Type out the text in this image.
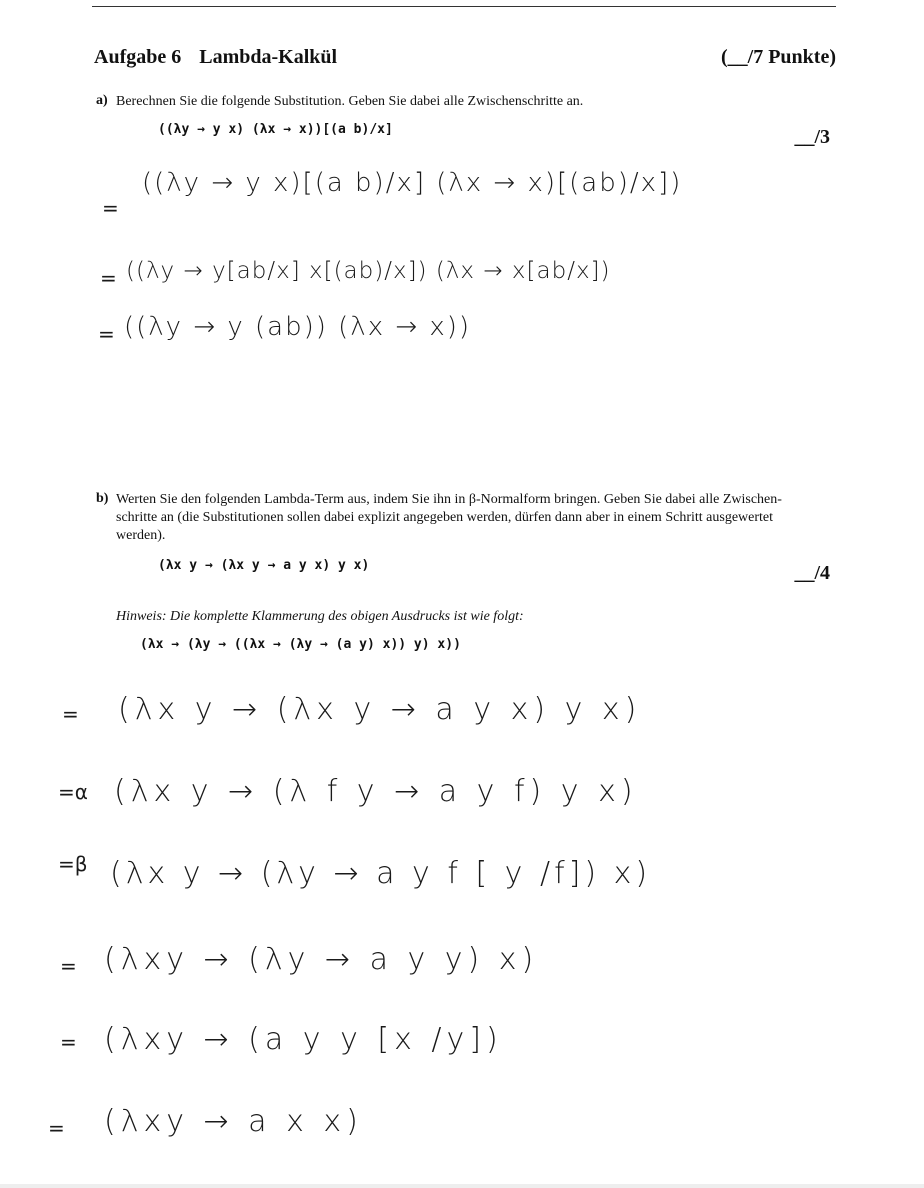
Aufgabe 6 Lambda-Kalkül	(__/7 Punkte)
a) Berechnen Sie die folgende Substitution. Geben Sie dabei alle Zwischenschritte an.
((λy → y x) (λx → x))[(a b)/x]	__/3
=
((λy → y x)[(a b)/x] (λx → x)[(ab)/x])
= ((λy → y[ab/x] x[(ab)/x]) (λx → x[ab/x])
= ((λy → y (ab)) (λx → x))
b) Werten Sie den folgenden Lambda-Term aus, indem Sie ihn in β-Normalform bringen. Geben Sie dabei alle Zwischen-
schritte an (die Substitutionen sollen dabei explizit angegeben werden, dürfen dann aber in einem Schritt ausgewertet
werden).
(λx y → (λx y → a y x) y x)	__/4
Hinweis: Die komplette Klammerung des obigen Ausdrucks ist wie folgt:
(λx → (λy → ((λx → (λy → (a y) x)) y) x))
= (λx y → (λx y → a y x) y x)
=α (λx y → (λ f y → a y f) y x)
=β (λx y → (λy → a y f [ y /f]) x)
= (λxy → (λy → a y y) x)
= (λxy → (a y y [x /y])
= (λxy → a x x)
